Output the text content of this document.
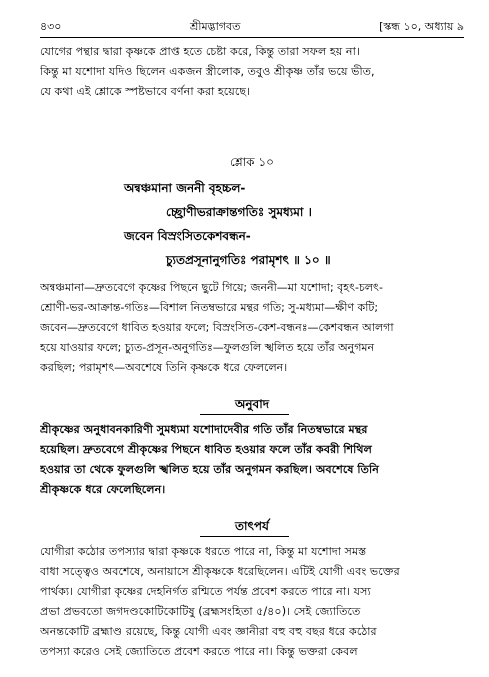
৪৩০	শ্রীমদ্ভাগবত	[স্কন্ধ ১০, অধ্যায় ৯
যোগের পন্থার দ্বারা কৃষ্ণকে প্রাপ্ত হতে চেষ্টা করে, কিন্তু তারা সফল হয় না।
কিন্তু মা যশোদা যদিও ছিলেন একজন স্ত্রীলোক, তবুও শ্রীকৃষ্ণ তাঁর ভয়ে ভীত,
যে কথা এই শ্লোকে স্পষ্টভাবে বর্ণনা করা হয়েছে।
শ্লোক ১০
অন্বঞ্চমানা জননী বৃহচ্চল-
চ্ছ্রোণীভরাক্রান্তগতিঃ সুমধ্যমা ।
জবেন বিস্রংসিতকেশবন্ধন-
চ্যুতপ্রসূনানুগতিঃ পরামৃশৎ ॥ ১০ ॥
অন্বঞ্চমানা—দ্রুতবেগে কৃষ্ণের পিছনে ছুটে গিয়ে; জননী—মা যশোদা; বৃহৎ-চলৎ-
শ্রোণী-ভর-আক্রান্ত-গতিঃ—বিশাল নিতম্বভারে মন্থর গতি; সু-মধ্যমা—ক্ষীণ কটি;
জবেন—দ্রুতবেগে ধাবিত হওয়ার ফলে; বিস্রংসিত-কেশ-বন্ধনঃ—কেশবন্ধন আলগা
হয়ে যাওয়ার ফলে; চ্যুত-প্রসূন-অনুগতিঃ—ফুলগুলি স্খলিত হয়ে তাঁর অনুগমন
করছিল; পরামৃশৎ—অবশেষে তিনি কৃষ্ণকে ধরে ফেললেন।
অনুবাদ
শ্রীকৃষ্ণের অনুধাবনকারিণী সুমধ্যমা যশোদাদেবীর গতি তাঁর নিতম্বভারে মন্থর
হয়েছিল। দ্রুতবেগে শ্রীকৃষ্ণের পিছনে ধাবিত হওয়ার ফলে তাঁর কবরী শিথিল
হওয়ার তা থেকে ফুলগুলি স্খলিত হয়ে তাঁর অনুগমন করছিল। অবশেষে তিনি
শ্রীকৃষ্ণকে ধরে ফেলেছিলেন।
তাৎপর্য
যোগীরা কঠোর তপস্যার দ্বারা কৃষ্ণকে ধরতে পারে না, কিন্তু মা যশোদা সমস্ত
বাধা সত্ত্বেও অবশেষে, অনায়াসে শ্রীকৃষ্ণকে ধরেছিলেন। এটিই যোগী এবং ভক্তের
পার্থক্য। যোগীরা কৃষ্ণের দেহনির্গত রশ্মিতে পর্যন্ত প্রবেশ করতে পারে না। যস্য
প্রভা প্রভবতো জগদণ্ডকোটিকোটিষু (ব্রহ্মসংহিতা ৫/৪০)। সেই জ্যোতিতে
অনন্তকোটি ব্রহ্মাণ্ড রয়েছে, কিন্তু যোগী এবং জ্ঞানীরা বহু বহু বছর ধরে কঠোর
তপস্যা করেও সেই জ্যোতিতে প্রবেশ করতে পারে না। কিন্তু ভক্তরা কেবল
